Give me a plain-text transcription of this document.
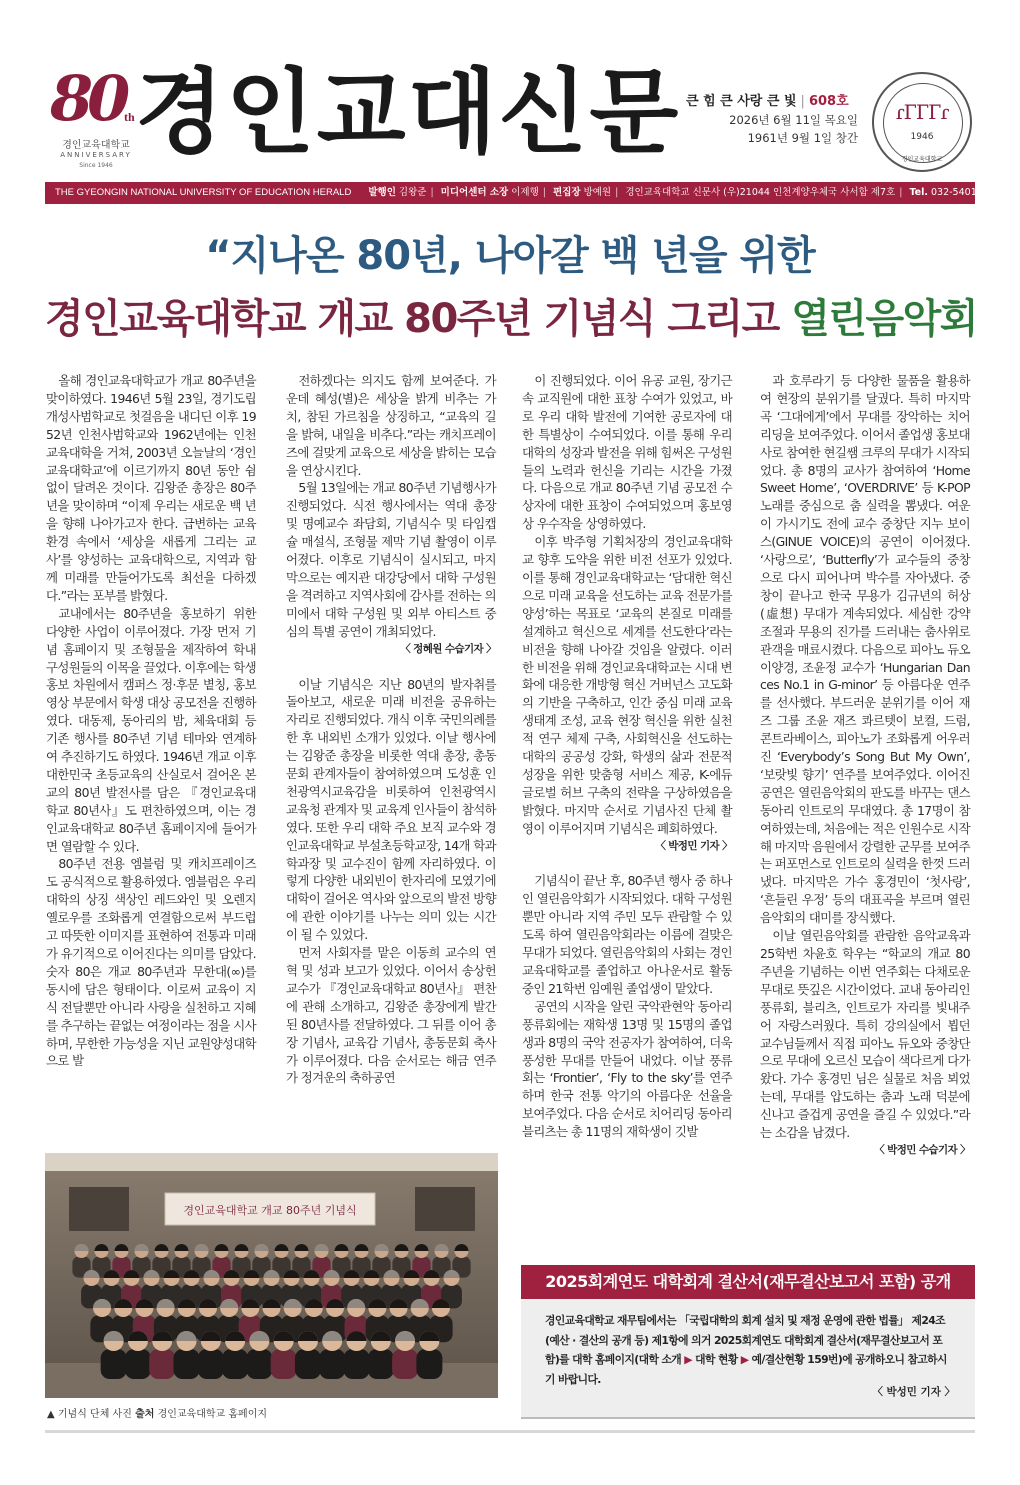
80 th
경인교육대학교
ANNIVERSARY
Since 1946 경인교대신문 큰 힘 큰 사랑 큰 빛 | 608호
2026년 6월 11일 목요일
1961년 9월 1일 창간
ɾГГГɾ
1946
경인교육대학교
THE GYEONGIN NATIONAL UNIVERSITY OF EDUCATION HERALD 발행인 김왕준 | 미디어센터 소장 이제행 | 편집장 방예원 | 경인교육대학교 신문사 (우)21044 인천계양우체국 사서함 제7호 | Tel. 032-5401-363
“지나온 80년, 나아갈 백 년을 위한
경인교육대학교 개교 80주년 기념식 그리고 열린음악회

올해 경인교육대학교가 개교 80주년을 맞이하였다. 1946년 5월 23일, 경기도립 개성사범학교로 첫걸음을 내디딘 이후 1952년 인천사범학교와 1962년에는 인천교육대학을 거쳐, 2003년 오늘날의 ‘경인교육대학교’에 이르기까지 80년 동안 쉼 없이 달려온 것이다. 김왕준 총장은 80주년을 맞이하며 “이제 우리는 새로운 백 년을 향해 나아가고자 한다. 급변하는 교육 환경 속에서 ‘세상을 새롭게 그리는 교사’를 양성하는 교육대학으로, 지역과 함께 미래를 만들어가도록 최선을 다하겠다.”라는 포부를 밝혔다.

교내에서는 80주년을 홍보하기 위한 다양한 사업이 이루어졌다. 가장 먼저 기념 홈페이지 및 조형물을 제작하여 학내 구성원들의 이목을 끌었다. 이후에는 학생 홍보 차원에서 캠퍼스 정·후문 볕칭, 홍보영상 부문에서 학생 대상 공모전을 진행하였다. 대동제, 동아리의 밤, 체육대회 등 기존 행사를 80주년 기념 테마와 연계하여 추진하기도 하였다. 1946년 개교 이후 대한민국 초등교육의 산실로서 걸어온 본교의 80년 발전사를 담은 『경인교육대학교 80년사』도 편찬하였으며, 이는 경인교육대학교 80주년 홈페이지에 들어가면 열람할 수 있다.

80주년 전용 엠블럼 및 캐치프레이즈도 공식적으로 활용하였다. 엠블럼은 우리 대학의 상징 색상인 레드와인 및 오렌지 옐로우를 조화롭게 연결함으로써 부드럽고 따뜻한 이미지를 표현하여 전통과 미래가 유기적으로 이어진다는 의미를 담았다. 숫자 80은 개교 80주년과 무한대(∞)를 동시에 담은 형태이다. 이로써 교육이 지식 전달뿐만 아니라 사랑을 실천하고 지혜를 추구하는 끝없는 여정이라는 점을 시사하며, 무한한 가능성을 지닌 교원양성대학으로 발

전하겠다는 의지도 함께 보여준다. 가운데 혜성(별)은 세상을 밝게 비추는 가치, 참된 가르침을 상징하고, “교육의 길을 밝혀, 내일을 비추다.”라는 캐치프레이즈에 걸맞게 교육으로 세상을 밝히는 모습을 연상시킨다.

5월 13일에는 개교 80주년 기념행사가 진행되었다. 식전 행사에서는 역대 총장 및 명예교수 좌담회, 기념식수 및 타임캡슐 매설식, 조형물 제막 기념 촬영이 이루어졌다. 이후로 기념식이 실시되고, 마지막으로는 예지관 대강당에서 대학 구성원을 격려하고 지역사회에 감사를 전하는 의미에서 대학 구성원 및 외부 아티스트 중심의 특별 공연이 개최되었다.

〈 정혜원 수습기자 〉

이날 기념식은 지난 80년의 발자취를 돌아보고, 새로운 미래 비전을 공유하는 자리로 진행되었다. 개식 이후 국민의례를 한 후 내외빈 소개가 있었다. 이날 행사에는 김왕준 총장을 비롯한 역대 총장, 총동문회 관계자들이 참여하였으며 도성훈 인천광역시교육감을 비롯하여 인천광역시교육청 관계자 및 교육계 인사들이 참석하였다. 또한 우리 대학 주요 보직 교수와 경인교육대학교 부설초등학교장, 14개 학과 학과장 및 교수진이 함께 자리하였다. 이렇게 다양한 내외빈이 한자리에 모였기에 대학이 걸어온 역사와 앞으로의 발전 방향에 관한 이야기를 나누는 의미 있는 시간이 될 수 있었다.

먼저 사회자를 맡은 이동희 교수의 연혁 및 성과 보고가 있었다. 이어서 송상헌 교수가 『경인교육대학교 80년사』 편찬에 관해 소개하고, 김왕준 총장에게 발간된 80년사를 전달하였다. 그 뒤를 이어 총장 기념사, 교육감 기념사, 총동문회 축사가 이루어졌다. 다음 순서로는 해금 연주가 정겨운의 축하공연

이 진행되었다. 이어 유공 교원, 장기근속 교직원에 대한 표창 수여가 있었고, 바로 우리 대학 발전에 기여한 공로자에 대한 특별상이 수여되었다. 이를 통해 우리 대학의 성장과 발전을 위해 힘써온 구성원들의 노력과 헌신을 기리는 시간을 가졌다. 다음으로 개교 80주년 기념 공모전 수상자에 대한 표창이 수여되었으며 홍보영상 우수작을 상영하였다.

이후 박주형 기획처장의 경인교육대학교 향후 도약을 위한 비전 선포가 있었다. 이를 통해 경인교육대학교는 ‘담대한 혁신으로 미래 교육을 선도하는 교육 전문가를 양성’하는 목표로 ‘교육의 본질로 미래를 설계하고 혁신으로 세계를 선도한다’라는 비전을 향해 나아갈 것임을 알렸다. 이러한 비전을 위해 경인교육대학교는 시대 변화에 대응한 개방형 혁신 거버넌스 고도화의 기반을 구축하고, 인간 중심 미래 교육 생태계 조성, 교육 현장 혁신을 위한 실천적 연구 체제 구축, 사회혁신을 선도하는 대학의 공공성 강화, 학생의 삶과 전문적 성장을 위한 맞춤형 서비스 제공, K-에듀 글로벌 허브 구축의 전략을 구상하였음을 밝혔다. 마지막 순서로 기념사진 단체 촬영이 이루어지며 기념식은 폐회하였다.

〈 박정민 기자 〉

기념식이 끝난 후, 80주년 행사 중 하나인 열린음악회가 시작되었다. 대학 구성원뿐만 아니라 지역 주민 모두 관람할 수 있도록 하여 열린음악회라는 이름에 걸맞은 무대가 되었다. 열린음악회의 사회는 경인교육대학교를 졸업하고 아나운서로 활동 중인 21학번 임예원 졸업생이 맡았다.

공연의 시작을 알린 국악관현악 동아리 풍류회에는 재학생 13명 및 15명의 졸업생과 8명의 국악 전공자가 참여하여, 더욱 풍성한 무대를 만들어 내었다. 이날 풍류회는 ‘Frontier’, ‘Fly to the sky’를 연주하며 한국 전통 악기의 아름다운 선율을 보여주었다. 다음 순서로 치어리딩 동아리 블리츠는 총 11명의 재학생이 깃발

과 호루라기 등 다양한 물품을 활용하여 현장의 분위기를 달궜다. 특히 마지막 곡 ‘그대에게’에서 무대를 장악하는 치어리딩을 보여주었다. 이어서 졸업생 홍보대사로 참여한 현길쌤 크루의 무대가 시작되었다. 총 8명의 교사가 참여하여 ‘Home Sweet Home’, ‘OVERDRIVE’ 등 K-POP 노래를 중심으로 춤 실력을 뽐냈다. 여운이 가시기도 전에 교수 중창단 지누 보이스(GINUE VOICE)의 공연이 이어졌다. ‘사랑으로’, ‘Butterfly’가 교수들의 중창으로 다시 피어나며 박수를 자아냈다. 중창이 끝나고 한국 무용가 김규년의 허상(虛想) 무대가 계속되었다. 세심한 강약 조절과 무용의 진가를 드러내는 춤사위로 관객을 매료시켰다. 다음으로 피아노 듀오 이양경, 조윤정 교수가 ‘Hungarian Dances No.1 in G-minor’ 등 아름다운 연주를 선사했다. 부드러운 분위기를 이어 재즈 그룹 조윤 재즈 콰르텟이 보컬, 드럼, 콘트라베이스, 피아노가 조화롭게 어우러진 ‘Everybody’s Song But My Own’, ‘보랏빛 향기’ 연주를 보여주었다. 이어진 공연은 열린음악회의 판도를 바꾸는 댄스 동아리 인트로의 무대였다. 총 17명이 참여하였는데, 처음에는 적은 인원수로 시작해 마지막 음원에서 강렬한 군무를 보여주는 퍼포먼스로 인트로의 실력을 한껏 드러냈다. 마지막은 가수 홍경민이 ‘첫사랑’, ‘흔들린 우정’ 등의 대표곡을 부르며 열린음악회의 대미를 장식했다.

이날 열린음악회를 관람한 음악교육과 25학번 차윤호 학우는 “학교의 개교 80주년을 기념하는 이번 연주회는 다채로운 무대로 뜻깊은 시간이었다. 교내 동아리인 풍류회, 블리츠, 인트로가 자리를 빛내주어 자랑스러웠다. 특히 강의실에서 뵙던 교수님들께서 직접 피아노 듀오와 중창단으로 무대에 오르신 모습이 색다르게 다가왔다. 가수 홍경민 님은 실물로 처음 뵈었는데, 무대를 압도하는 춤과 노래 덕분에 신나고 즐겁게 공연을 즐길 수 있었다.”라는 소감을 남겼다.

〈 박정민 수습기자 〉

경인교육대학교 개교 80주년 기념식
▲ 기념식 단체 사진 출처 경인교육대학교 홈페이지
2025회계연도 대학회계 결산서(재무결산보고서 포함) 공개
경인교육대학교 재무팀에서는 「국립대학의 회계 설치 및 재정 운영에 관한 법률」 제24조(예산 · 결산의 공개 등) 제1항에 의거 2025회계연도 대학회계 결산서(재무결산보고서 포함)를 대학 홈페이지(대학 소개 ▶ 대학 현황 ▶ 예/결산현황 159번)에 공개하오니 참고하시기 바랍니다.
〈 박성민 기자 〉
